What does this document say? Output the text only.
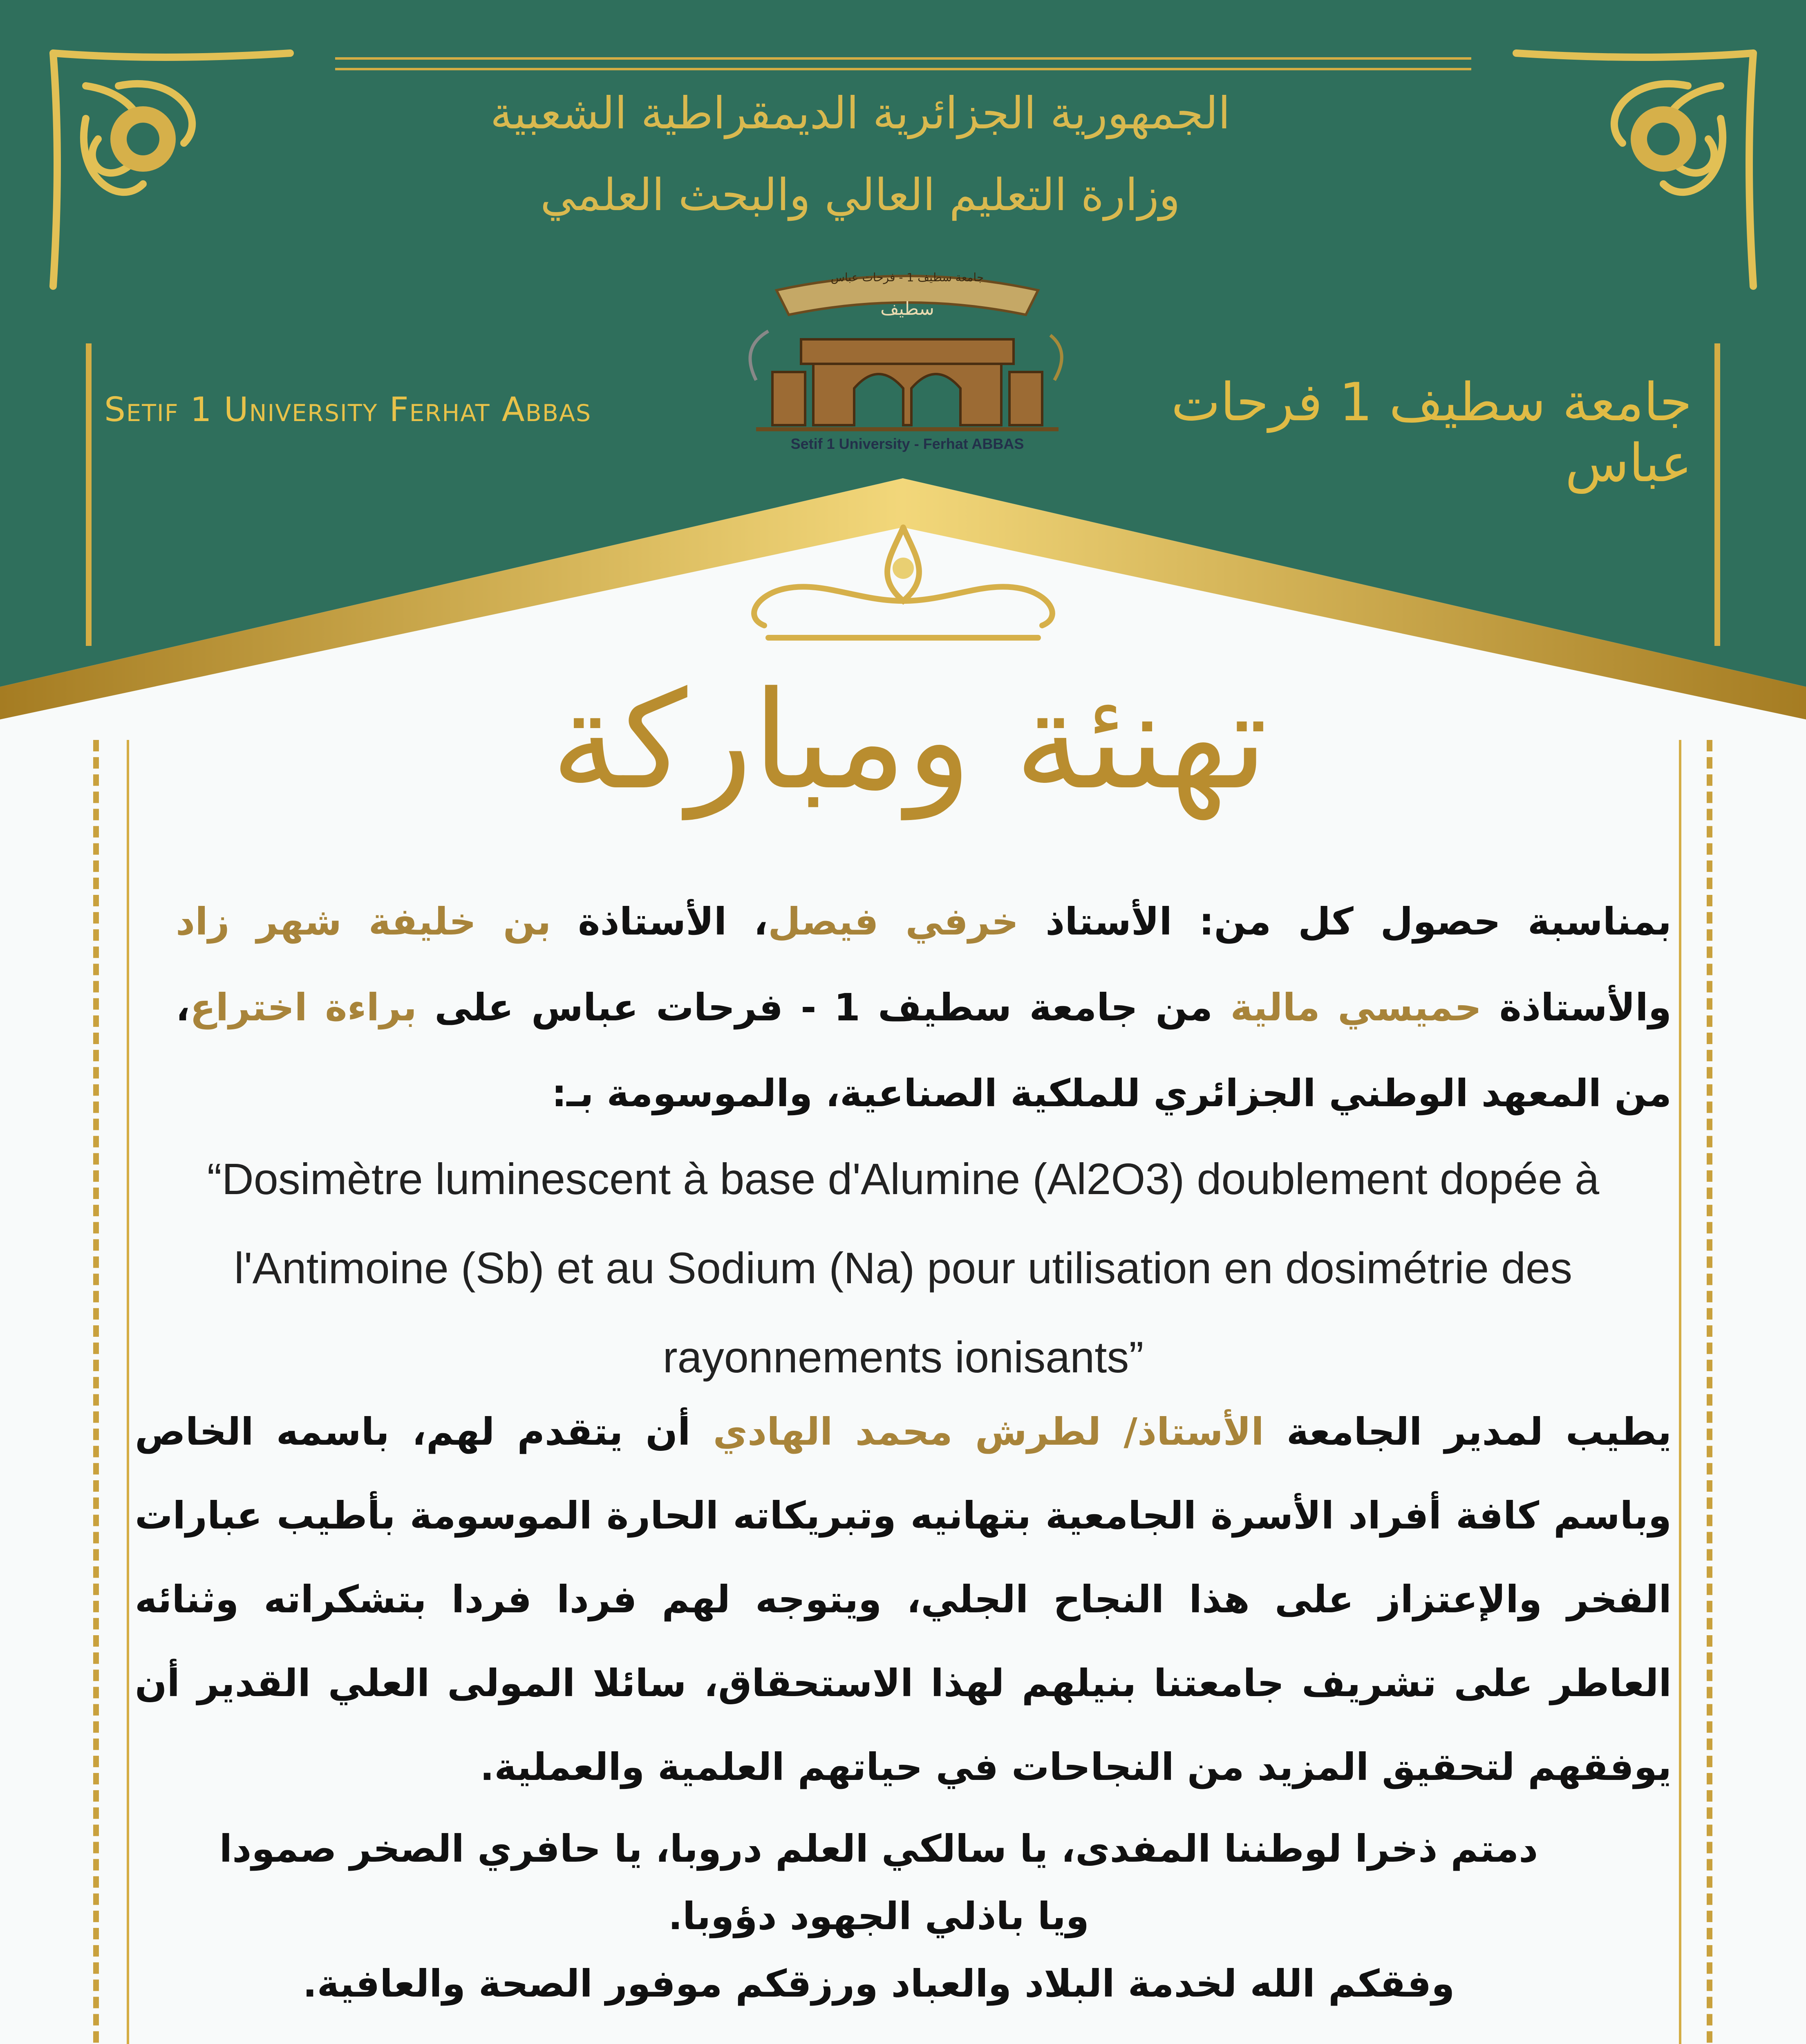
الجمهورية الجزائرية الديمقراطية الشعبية
وزارة التعليم العالي والبحث العلمي
Setif 1 University Ferhat Abbas	جامعة سطيف 1 فرحات عباس
جامعة سطيف 1 - فرحات عباس
سطيف
Setif 1 University - Ferhat ABBAS
تهنئة ومباركة
بمناسبة حصول كل من: الأستاذ خرفي فيصل، الأستاذة بن خليفة شهر زاد والأستاذة حميسي مالية من جامعة سطيف 1 - فرحات عباس على براءة اختراع، من المعهد الوطني الجزائري للملكية الصناعية، والموسومة بـ:
“Dosimètre luminescent à base d'Alumine (Al2O3) doublement dopée à l'Antimoine (Sb) et au Sodium (Na) pour utilisation en dosimétrie des rayonnements ionisants”
يطيب لمدير الجامعة الأستاذ/ لطرش محمد الهادي أن يتقدم لهم، باسمه الخاص وباسم كافة أفراد الأسرة الجامعية بتهانيه وتبريكاته الحارة الموسومة بأطيب عبارات الفخر والإعتزاز على هذا النجاح الجلي، ويتوجه لهم فردا فردا بتشكراته وثنائه العاطر على تشريف جامعتنا بنيلهم لهذا الاستحقاق، سائلا المولى العلي القدير أن يوفقهم لتحقيق المزيد من النجاحات في حياتهم العلمية والعملية.
دمتم ذخرا لوطننا المفدى، يا سالكي العلم دروبا، يا حافري الصخر صمودا
ويا باذلي الجهود دؤوبا.
وفقكم الله لخدمة البلاد والعباد ورزقكم موفور الصحة والعافية.
